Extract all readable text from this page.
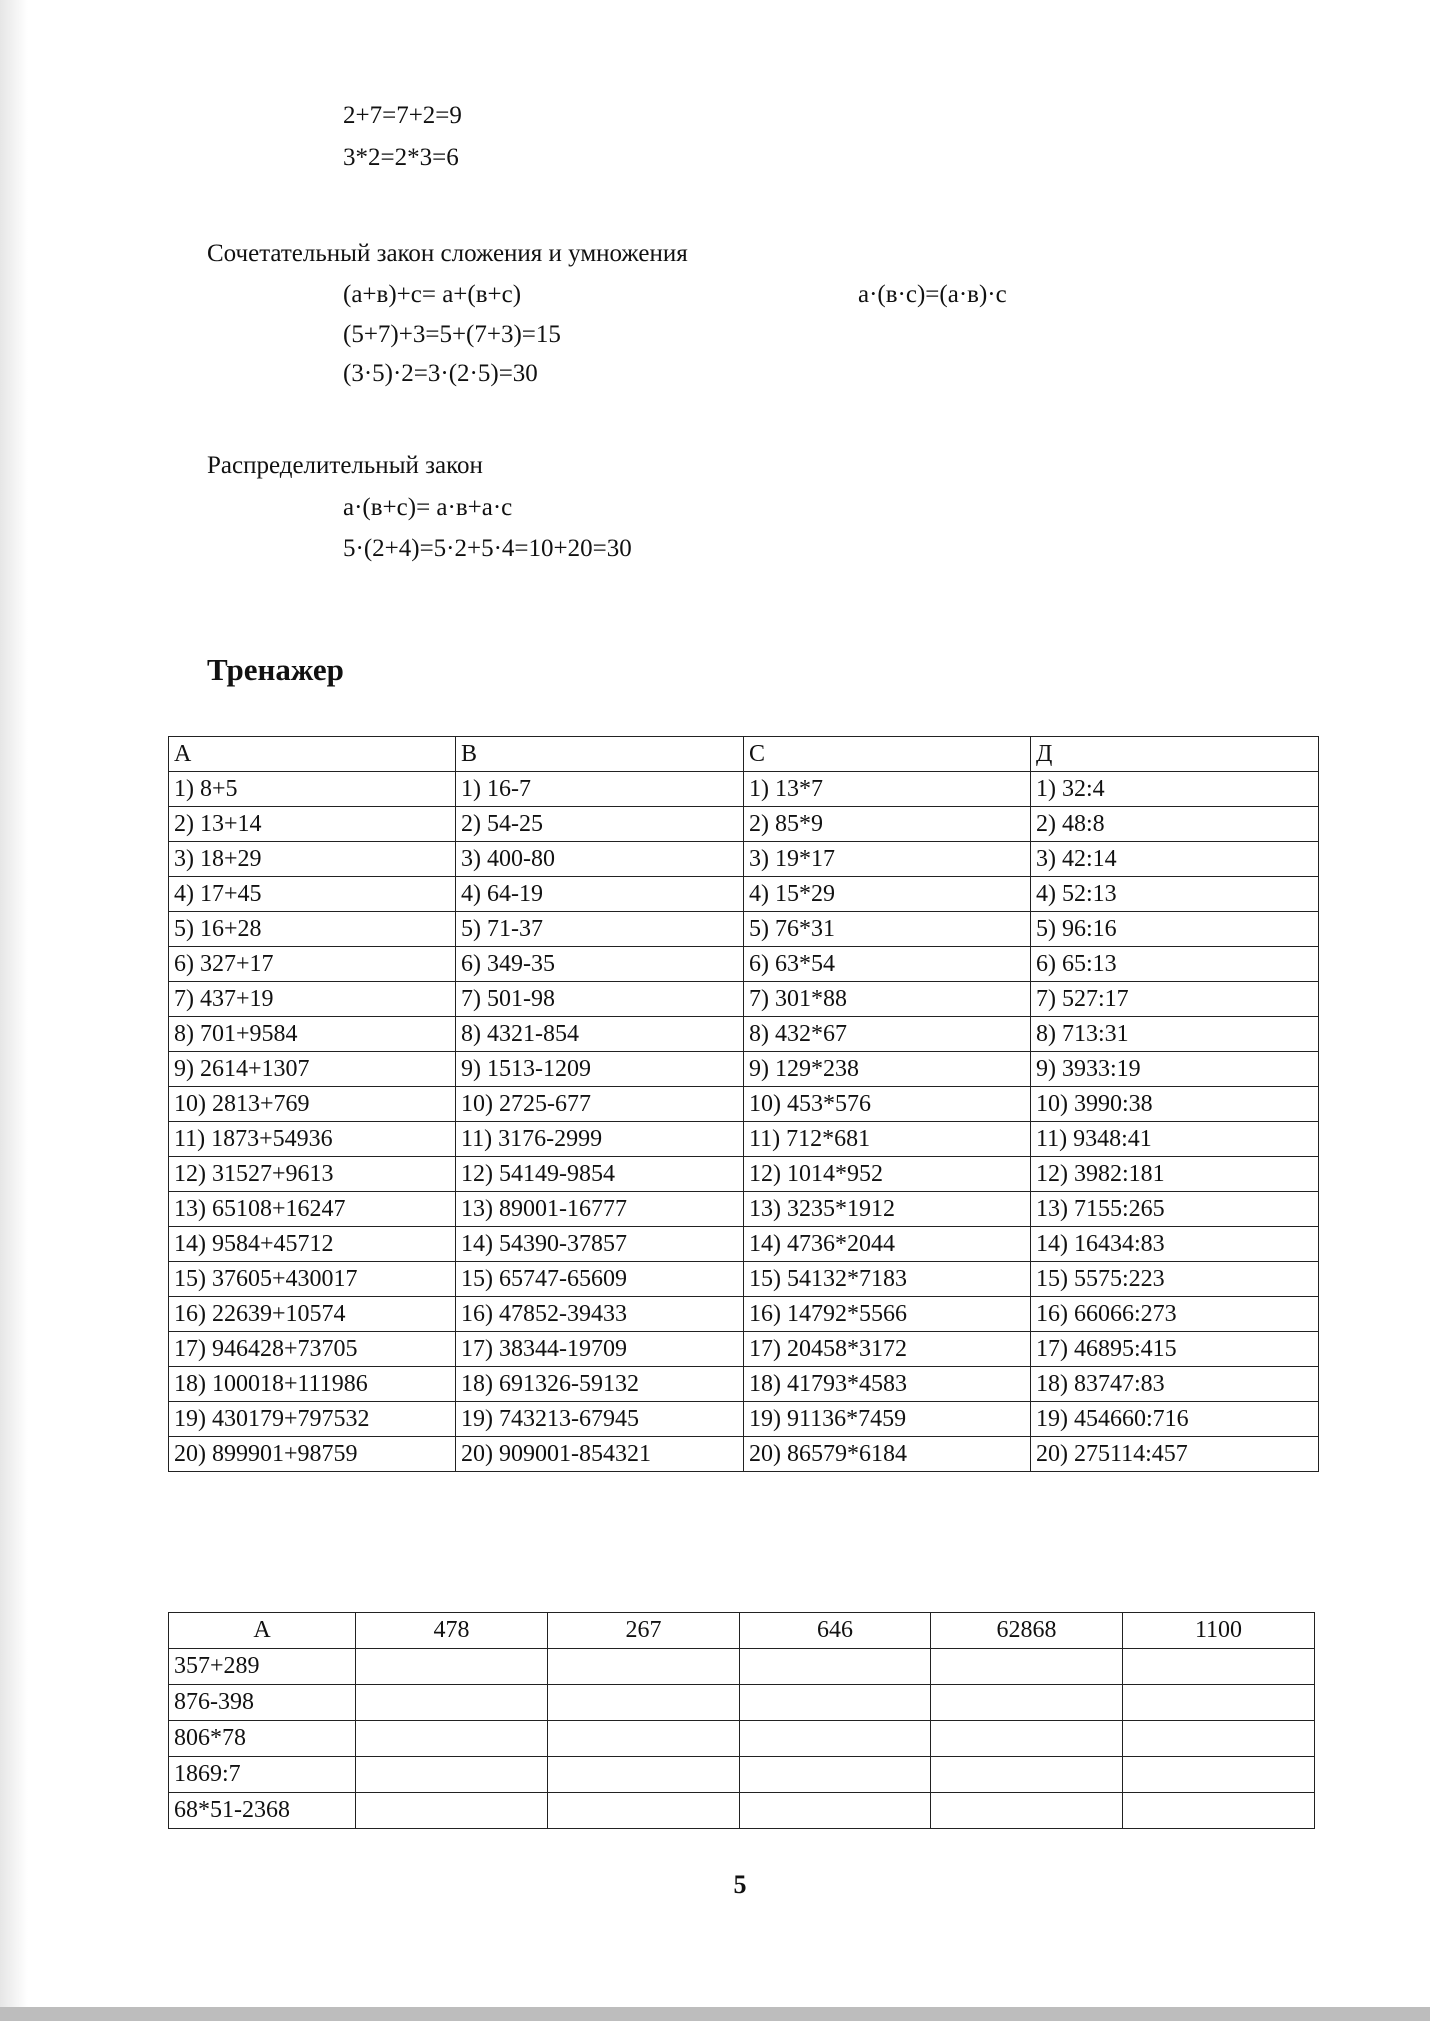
2+7=7+2=9
3*2=2*3=6
Сочетательный закон сложения и умножения
(а+в)+с= а+(в+с)	а·(в·с)=(а·в)·с
(5+7)+3=5+(7+3)=15
(3·5)·2=3·(2·5)=30
Распределительный закон
а·(в+с)= а·в+а·с
5·(2+4)=5·2+5·4=10+20=30
Тренажер
А	В	С	Д
1) 8+5	1) 16-7	1) 13*7	1) 32:4
2) 13+14	2) 54-25	2) 85*9	2) 48:8
3) 18+29	3) 400-80	3) 19*17	3) 42:14
4) 17+45	4) 64-19	4) 15*29	4) 52:13
5) 16+28	5) 71-37	5) 76*31	5) 96:16
6) 327+17	6) 349-35	6) 63*54	6) 65:13
7) 437+19	7) 501-98	7) 301*88	7) 527:17
8) 701+9584	8) 4321-854	8) 432*67	8) 713:31
9) 2614+1307	9) 1513-1209	9) 129*238	9) 3933:19
10) 2813+769	10) 2725-677	10) 453*576	10) 3990:38
11) 1873+54936	11) 3176-2999	11) 712*681	11) 9348:41
12) 31527+9613	12) 54149-9854	12) 1014*952	12) 3982:181
13) 65108+16247	13) 89001-16777	13) 3235*1912	13) 7155:265
14) 9584+45712	14) 54390-37857	14) 4736*2044	14) 16434:83
15) 37605+430017	15) 65747-65609	15) 54132*7183	15) 5575:223
16) 22639+10574	16) 47852-39433	16) 14792*5566	16) 66066:273
17) 946428+73705	17) 38344-19709	17) 20458*3172	17) 46895:415
18) 100018+111986	18) 691326-59132	18) 41793*4583	18) 83747:83
19) 430179+797532	19) 743213-67945	19) 91136*7459	19) 454660:716
20) 899901+98759	20) 909001-854321	20) 86579*6184	20) 275114:457
А	478	267	646	62868	1100
357+289					
876-398					
806*78					
1869:7					
68*51-2368					
5
